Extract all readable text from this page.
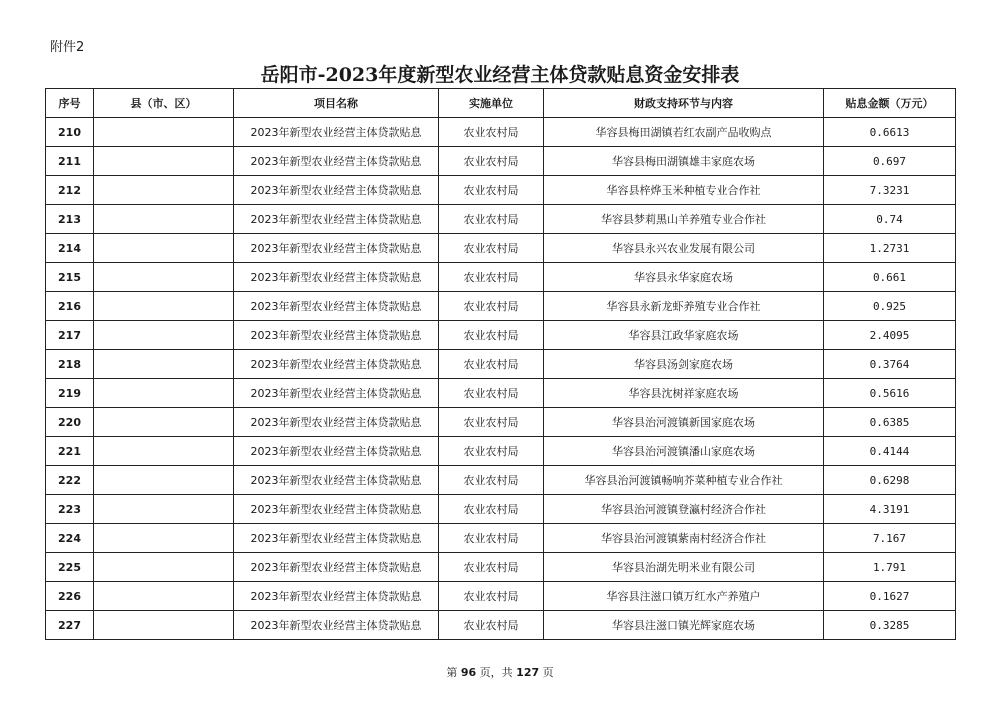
附件2
岳阳市-2023年度新型农业经营主体贷款贴息资金安排表
序号	县（市、区）	项目名称	实施单位	财政支持环节与内容	贴息金额（万元）
210		2023年新型农业经营主体贷款贴息	农业农村局	华容县梅田湖镇若红农副产品收购点	0.6613
211		2023年新型农业经营主体贷款贴息	农业农村局	华容县梅田湖镇雄丰家庭农场	0.697
212		2023年新型农业经营主体贷款贴息	农业农村局	华容县梓烨玉米种植专业合作社	7.3231
213		2023年新型农业经营主体贷款贴息	农业农村局	华容县梦莉黑山羊养殖专业合作社	0.74
214		2023年新型农业经营主体贷款贴息	农业农村局	华容县永兴农业发展有限公司	1.2731
215		2023年新型农业经营主体贷款贴息	农业农村局	华容县永华家庭农场	0.661
216		2023年新型农业经营主体贷款贴息	农业农村局	华容县永新龙虾养殖专业合作社	0.925
217		2023年新型农业经营主体贷款贴息	农业农村局	华容县江政华家庭农场	2.4095
218		2023年新型农业经营主体贷款贴息	农业农村局	华容县汤剑家庭农场	0.3764
219		2023年新型农业经营主体贷款贴息	农业农村局	华容县沈树祥家庭农场	0.5616
220		2023年新型农业经营主体贷款贴息	农业农村局	华容县治河渡镇新国家庭农场	0.6385
221		2023年新型农业经营主体贷款贴息	农业农村局	华容县治河渡镇潘山家庭农场	0.4144
222		2023年新型农业经营主体贷款贴息	农业农村局	华容县治河渡镇畅响芥菜种植专业合作社	0.6298
223		2023年新型农业经营主体贷款贴息	农业农村局	华容县治河渡镇登瀛村经济合作社	4.3191
224		2023年新型农业经营主体贷款贴息	农业农村局	华容县治河渡镇紫南村经济合作社	7.167
225		2023年新型农业经营主体贷款贴息	农业农村局	华容县治湖先明米业有限公司	1.791
226		2023年新型农业经营主体贷款贴息	农业农村局	华容县注滋口镇万红水产养殖户	0.1627
227		2023年新型农业经营主体贷款贴息	农业农村局	华容县注滋口镇光辉家庭农场	0.3285
第 96 页，共 127 页
